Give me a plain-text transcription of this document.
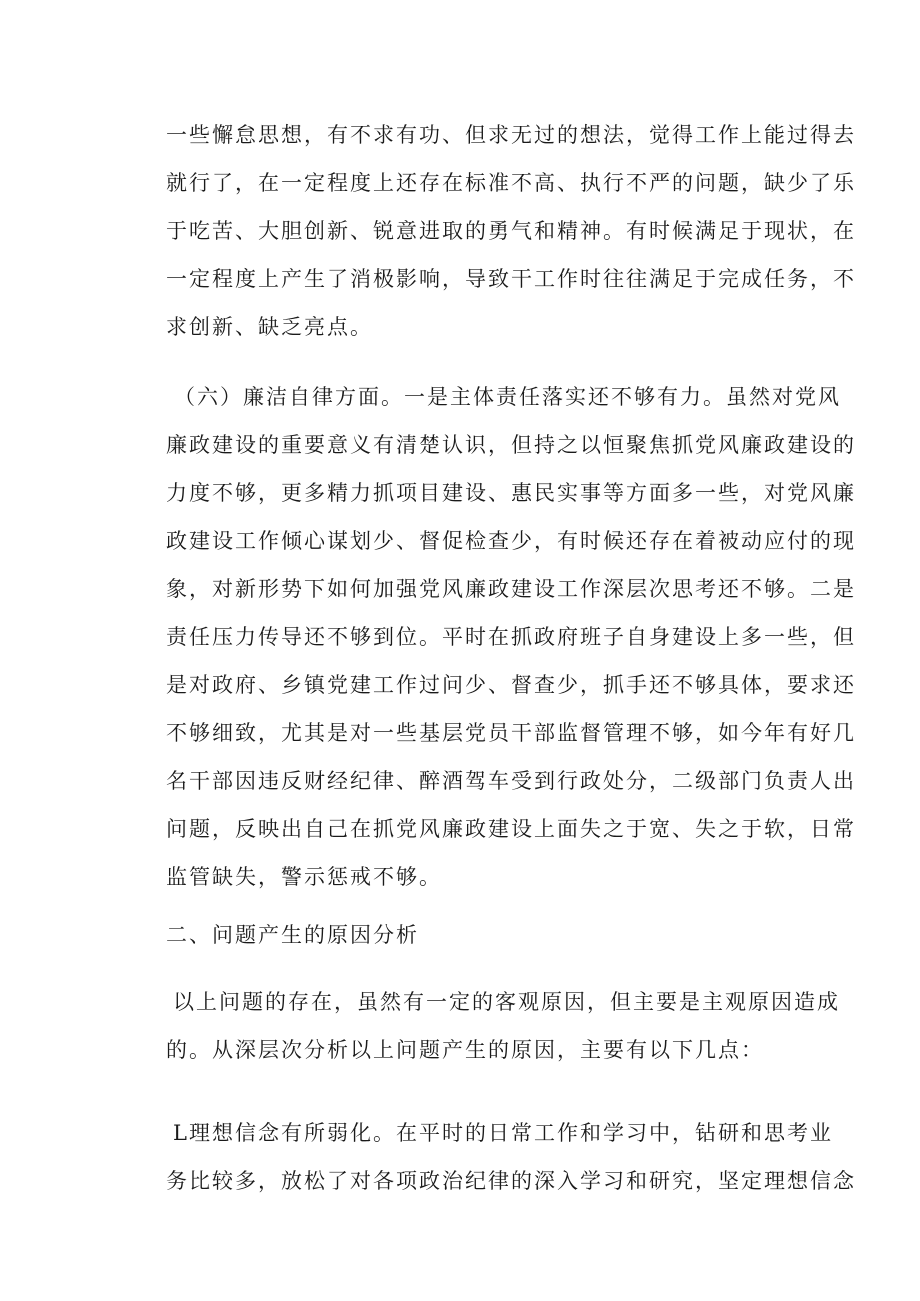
一些懈怠思想，有不求有功、但求无过的想法，觉得工作上能过得去
就行了，在一定程度上还存在标准不高、执行不严的问题，缺少了乐
于吃苦、大胆创新、锐意进取的勇气和精神。有时候满足于现状，在
一定程度上产生了消极影响，导致干工作时往往满足于完成任务，不
求创新、缺乏亮点。
（六）廉洁自律方面。一是主体责任落实还不够有力。虽然对党风
廉政建设的重要意义有清楚认识，但持之以恒聚焦抓党风廉政建设的
力度不够，更多精力抓项目建设、惠民实事等方面多一些，对党风廉
政建设工作倾心谋划少、督促检查少，有时候还存在着被动应付的现
象，对新形势下如何加强党风廉政建设工作深层次思考还不够。二是
责任压力传导还不够到位。平时在抓政府班子自身建设上多一些，但
是对政府、乡镇党建工作过问少、督查少，抓手还不够具体，要求还
不够细致，尤其是对一些基层党员干部监督管理不够，如今年有好几
名干部因违反财经纪律、醉酒驾车受到行政处分，二级部门负责人出
问题，反映出自己在抓党风廉政建设上面失之于宽、失之于软，日常
监管缺失，警示惩戒不够。
二、问题产生的原因分析
以上问题的存在，虽然有一定的客观原因，但主要是主观原因造成
的。从深层次分析以上问题产生的原因，主要有以下几点：
L理想信念有所弱化。在平时的日常工作和学习中，钻研和思考业
务比较多，放松了对各项政治纪律的深入学习和研究，坚定理想信念
